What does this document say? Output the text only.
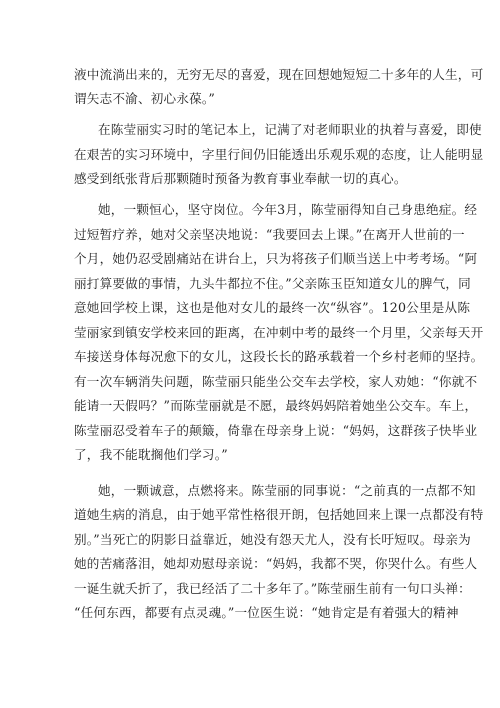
液中流淌出来的，无穷无尽的喜爱，现在回想她短短二十多年的人生，可
谓矢志不渝、初心永葆。”
在陈莹丽实习时的笔记本上，记满了对老师职业的执着与喜爱，即使
在艰苦的实习环境中，字里行间仍旧能透出乐观乐观的态度，让人能明显
感受到纸张背后那颗随时预备为教育事业奉献一切的真心。
她，一颗恒心，坚守岗位。今年3月，陈莹丽得知自己身患绝症。经
过短暂疗养，她对父亲坚决地说：“我要回去上课。”在离开人世前的一
个月，她仍忍受剧痛站在讲台上，只为将孩子们顺当送上中考考场。“阿
丽打算要做的事情，九头牛都拉不住。”父亲陈玉臣知道女儿的脾气，同
意她回学校上课，这也是他对女儿的最终一次“纵容”。120公里是从陈
莹丽家到镇安学校来回的距离，在冲刺中考的最终一个月里，父亲每天开
车接送身体每况愈下的女儿，这段长长的路承载着一个乡村老师的坚持。
有一次车辆消失问题，陈莹丽只能坐公交车去学校，家人劝她：“你就不
能请一天假吗？”而陈莹丽就是不愿，最终妈妈陪着她坐公交车。车上，
陈莹丽忍受着车子的颠簸，倚靠在母亲身上说：“妈妈，这群孩子快毕业
了，我不能耽搁他们学习。”
她，一颗诚意，点燃将来。陈莹丽的同事说：“之前真的一点都不知
道她生病的消息，由于她平常性格很开朗，包括她回来上课一点都没有特
别。”当死亡的阴影日益靠近，她没有怨天尤人，没有长吁短叹。母亲为
她的苦痛落泪，她却劝慰母亲说：“妈妈，我都不哭，你哭什么。有些人
一诞生就夭折了，我已经活了二十多年了。”陈莹丽生前有一句口头禅：
“任何东西，都要有点灵魂。”一位医生说：“她肯定是有着强大的精神
